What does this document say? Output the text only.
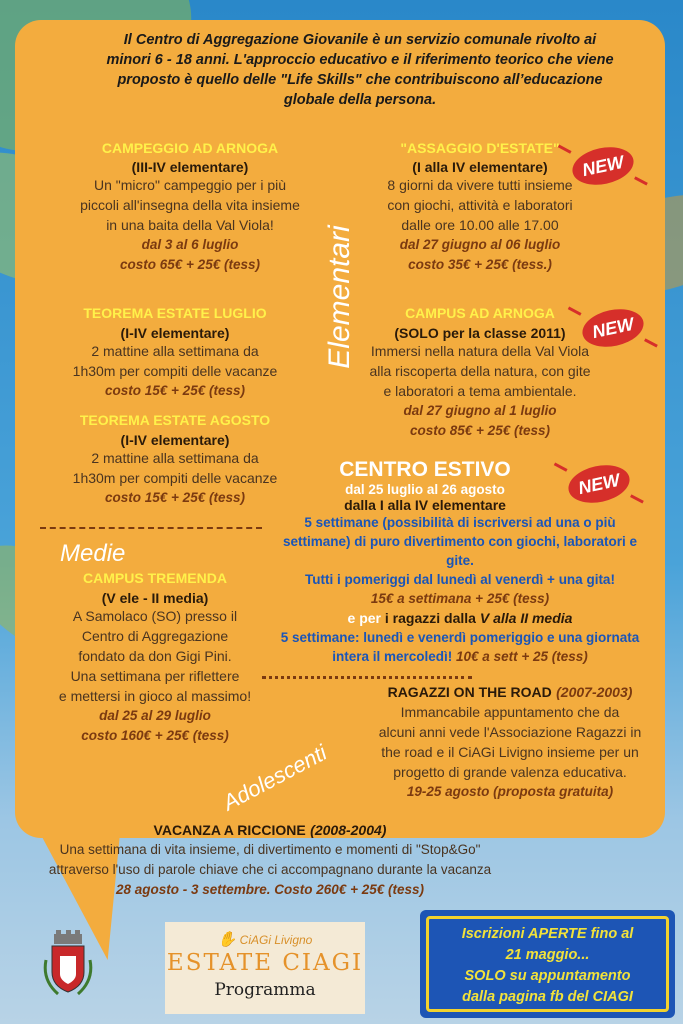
Il Centro di Aggregazione Giovanile è un servizio comunale rivolto ai minori 6 - 18 anni. L'approccio educativo e il riferimento teorico che viene proposto è quello delle "Life Skills" che contribuiscono all’educazione globale della persona.
CAMPEGGIO AD ARNOGA
(III-IV elementare)
Un "micro" campeggio per i più
piccoli all'insegna della vita insieme
in una baita della Val Viola!
dal 3 al 6 luglio
costo 65€ + 25€ (tess)
"ASSAGGIO D'ESTATE"
(I alla IV elementare)
8 giorni da vivere tutti insieme
con giochi, attività e laboratori
dalle ore 10.00 alle 17.00
dal 27 giugno al 06 luglio
costo 35€ + 25€ (tess.)
NEW
Elementari
TEOREMA ESTATE LUGLIO
(I-IV elementare)
2 mattine alla settimana da
1h30m per compiti delle vacanze
costo 15€ + 25€ (tess)
TEOREMA ESTATE AGOSTO
(I-IV elementare)
2 mattine alla settimana da
1h30m per compiti delle vacanze
costo 15€ + 25€ (tess)
CAMPUS AD ARNOGA
(SOLO per la classe 2011)
Immersi nella natura della Val Viola
alla riscoperta della natura, con gite
e laboratori a tema ambientale.
dal 27 giugno al 1 luglio
costo 85€ + 25€ (tess)
NEW
CENTRO ESTIVO
dal 25 luglio al 26 agosto
dalla I alla IV elementare
5 settimane (possibilità di iscriversi ad una o più settimane) di puro divertimento con giochi, laboratori e gite.
Tutti i pomeriggi dal lunedì al venerdì + una gita!
15€ a settimana + 25€ (tess)
e per i ragazzi dalla V alla II media
5 settimane: lunedì e venerdì pomeriggio e una giornata intera il mercoledì! 10€ a sett + 25 (tess)
NEW
Medie
CAMPUS TREMENDA
(V ele - II media)
A Samolaco (SO) presso il
Centro di Aggregazione
fondato da don Gigi Pini.
Una settimana per riflettere
e mettersi in gioco al massimo!
dal 25 al 29 luglio
costo 160€ + 25€ (tess)
RAGAZZI ON THE ROAD (2007-2003)
Immancabile appuntamento che da
alcuni anni vede l'Associazione Ragazzi in
the road e il CiAGi Livigno insieme per un
progetto di grande valenza educativa.
19-25 agosto (proposta gratuita)
Adolescenti
VACANZA A RICCIONE (2008-2004)
Una settimana di vita insieme, di divertimento e momenti di "Stop&Go"
attraverso l'uso di parole chiave che ci accompagnano durante la vacanza
28 agosto - 3 settembre. Costo 260€ + 25€ (tess)
✋ CiAGi Livigno
ESTATE CIAGI
Programma
Iscrizioni APERTE fino al
21 maggio...
SOLO su appuntamento
dalla pagina fb del CIAGI
